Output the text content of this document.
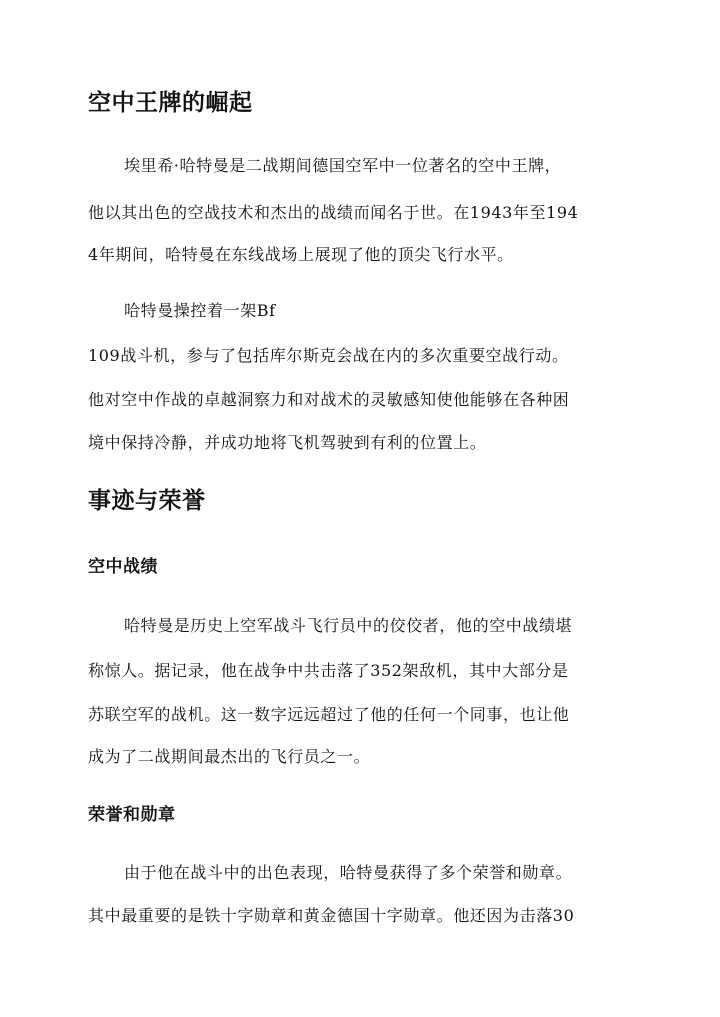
空中王牌的崛起
埃里希·哈特曼是二战期间德国空军中一位著名的空中王牌，
他以其出色的空战技术和杰出的战绩而闻名于世。在1943年至194
4年期间，哈特曼在东线战场上展现了他的顶尖飞行水平。
哈特曼操控着一架Bf
109战斗机，参与了包括库尔斯克会战在内的多次重要空战行动。
他对空中作战的卓越洞察力和对战术的灵敏感知使他能够在各种困
境中保持冷静，并成功地将飞机驾驶到有利的位置上。
事迹与荣誉
空中战绩
哈特曼是历史上空军战斗飞行员中的佼佼者，他的空中战绩堪
称惊人。据记录，他在战争中共击落了352架敌机，其中大部分是
苏联空军的战机。这一数字远远超过了他的任何一个同事，也让他
成为了二战期间最杰出的飞行员之一。
荣誉和勋章
由于他在战斗中的出色表现，哈特曼获得了多个荣誉和勋章。
其中最重要的是铁十字勋章和黄金德国十字勋章。他还因为击落30
